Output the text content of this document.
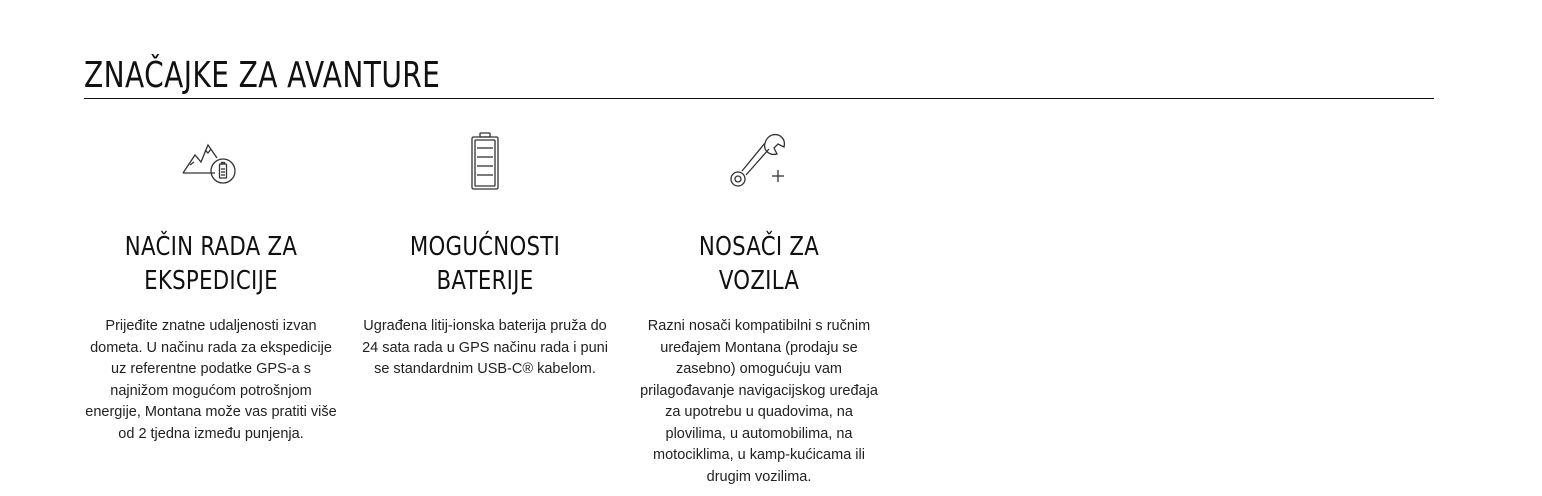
ZNAČAJKE ZA AVANTURE
NAČIN RADA ZA
EKSPEDICIJE
Prijeđite znatne udaljenosti izvan dometa. U načinu rada za ekspedicije uz referentne podatke GPS-a s najnižom mogućom potrošnjom energije, Montana može vas pratiti više od 2 tjedna između punjenja.
MOGUĆNOSTI BATERIJE
Ugrađena litij-ionska baterija pruža do 24 sata rada u GPS načinu rada i puni se standardnim USB-C® kabelom.
NOSAČI ZA VOZILA
Razni nosači kompatibilni s ručnim uređajem Montana (prodaju se zasebno) omogućuju vam prilagođavanje navigacijskog uređaja za upotrebu u quadovima, na plovilima, u automobilima, na motociklima, u kamp-kućicama ili drugim vozilima.
